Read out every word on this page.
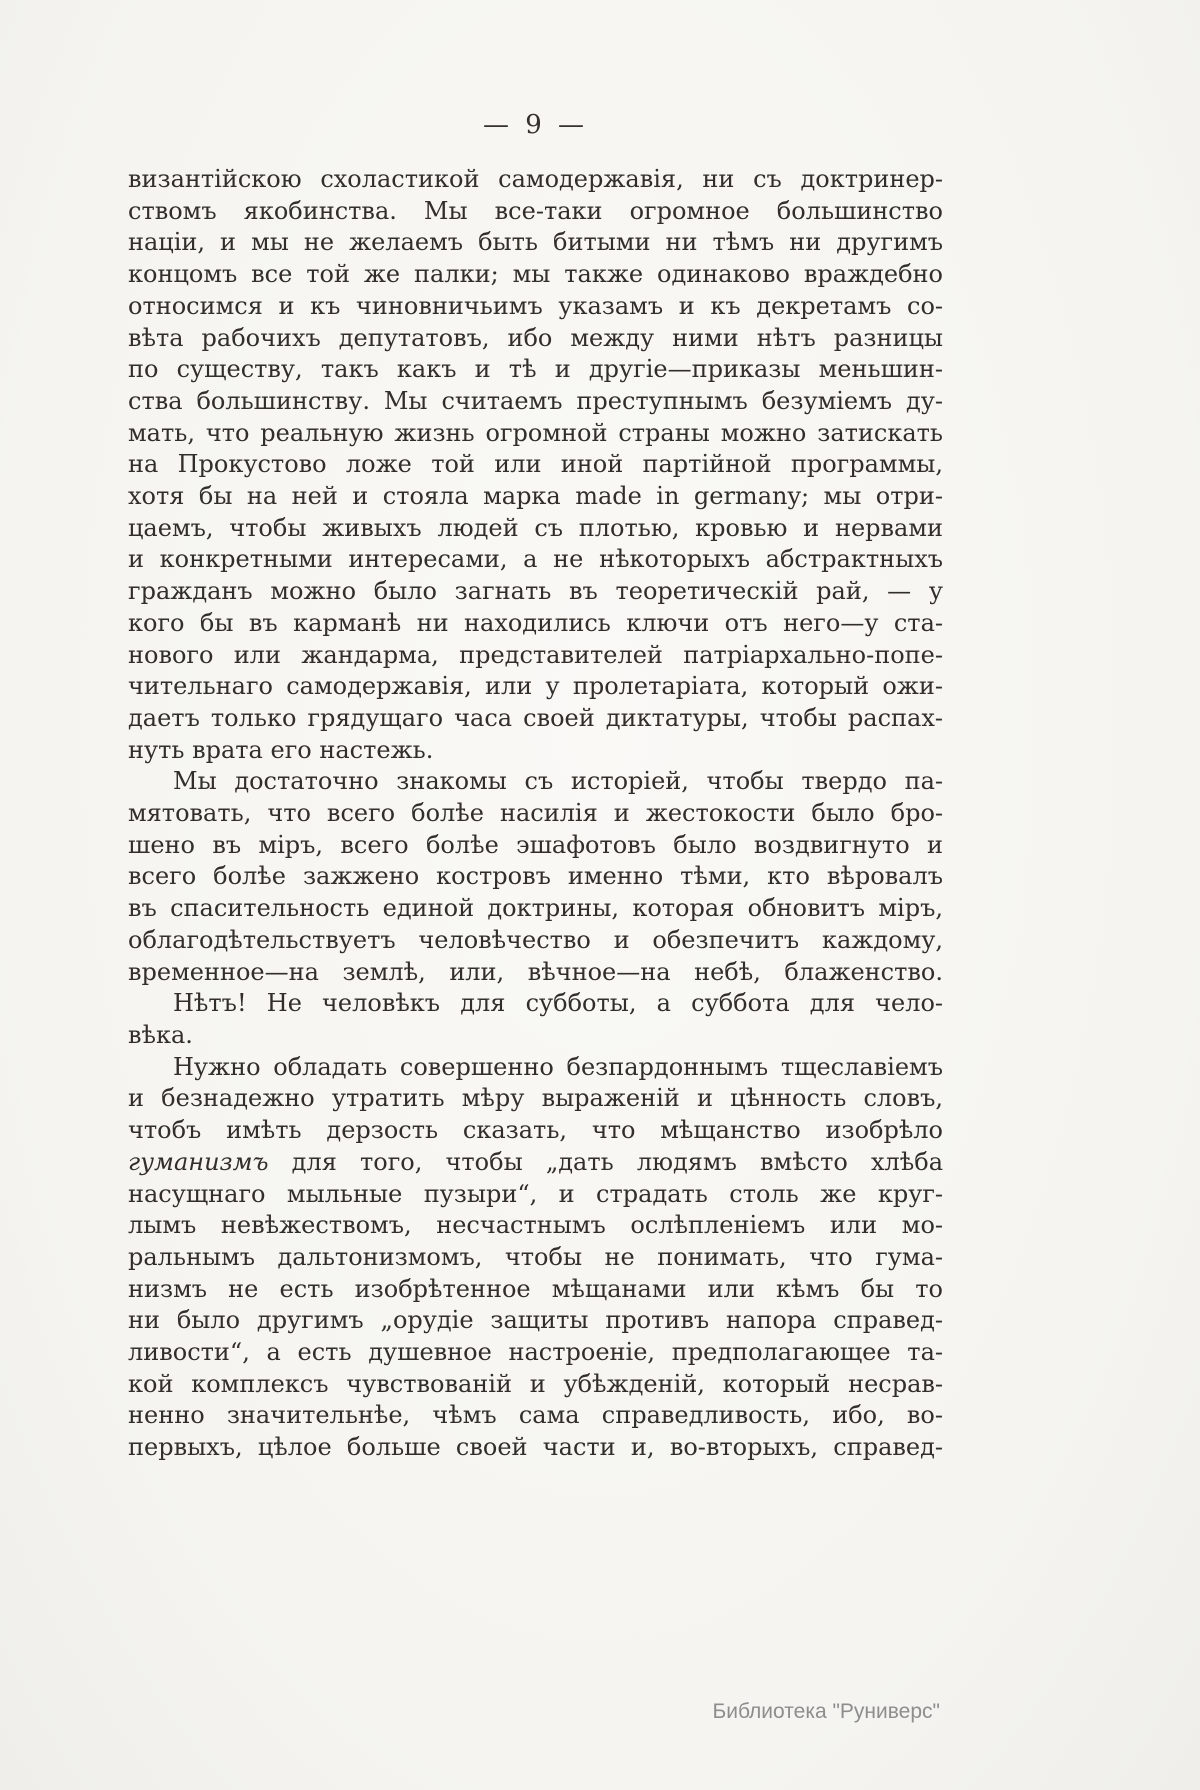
— 9 —
византійскою схоластикой самодержавія, ни съ доктринер-
ствомъ якобинства. Мы все-таки огромное большинство
націи, и мы не желаемъ быть битыми ни тѣмъ ни другимъ
концомъ все той же палки; мы также одинаково враждебно
относимся и къ чиновничьимъ указамъ и къ декретамъ со-
вѣта рабочихъ депутатовъ, ибо между ними нѣтъ разницы
по существу, такъ какъ и тѣ и другіе—приказы меньшин-
ства большинству. Мы считаемъ преступнымъ безуміемъ ду-
мать, что реальную жизнь огромной страны можно затискать
на Прокустово ложе той или иной партійной программы,
хотя бы на ней и стояла марка made in germany; мы отри-
цаемъ, чтобы живыхъ людей съ плотью, кровью и нервами
и конкретными интересами, а не нѣкоторыхъ абстрактныхъ
гражданъ можно было загнать въ теоретическій рай, — у
кого бы въ карманѣ ни находились ключи отъ него—у ста-
нового или жандарма, представителей патріархально-попе-
чительнаго самодержавія, или у пролетаріата, который ожи-
даетъ только грядущаго часа своей диктатуры, чтобы распах-
нуть врата его настежь.
Мы достаточно знакомы съ исторіей, чтобы твердо па-
мятовать, что всего болѣе насилія и жестокости было бро-
шено въ міръ, всего болѣе эшафотовъ было воздвигнуто и
всего болѣе зажжено костровъ именно тѣми, кто вѣровалъ
въ спасительность единой доктрины, которая обновитъ міръ,
облагодѣтельствуетъ человѣчество и обезпечитъ каждому,
временное—на землѣ, или, вѣчное—на небѣ, блаженство.
Нѣтъ! Не человѣкъ для субботы, а суббота для чело-
вѣка.
Нужно обладать совершенно безпардоннымъ тщеславіемъ
и безнадежно утратить мѣру выраженій и цѣнность словъ,
чтобъ имѣть дерзость сказать, что мѣщанство изобрѣло
гуманизмъ для того, чтобы „дать людямъ вмѣсто хлѣба
насущнаго мыльные пузыри“, и страдать столь же круг-
лымъ невѣжествомъ, несчастнымъ ослѣпленіемъ или мо-
ральнымъ дальтонизмомъ, чтобы не понимать, что гума-
низмъ не есть изобрѣтенное мѣщанами или кѣмъ бы то
ни было другимъ „орудіе защиты противъ напора справед-
ливости“, а есть душевное настроеніе, предполагающее та-
кой комплексъ чувствованій и убѣжденій, который несрав-
ненно значительнѣе, чѣмъ сама справедливость, ибо, во-
первыхъ, цѣлое больше своей части и, во-вторыхъ, справед-
Библиотека "Руниверс"
